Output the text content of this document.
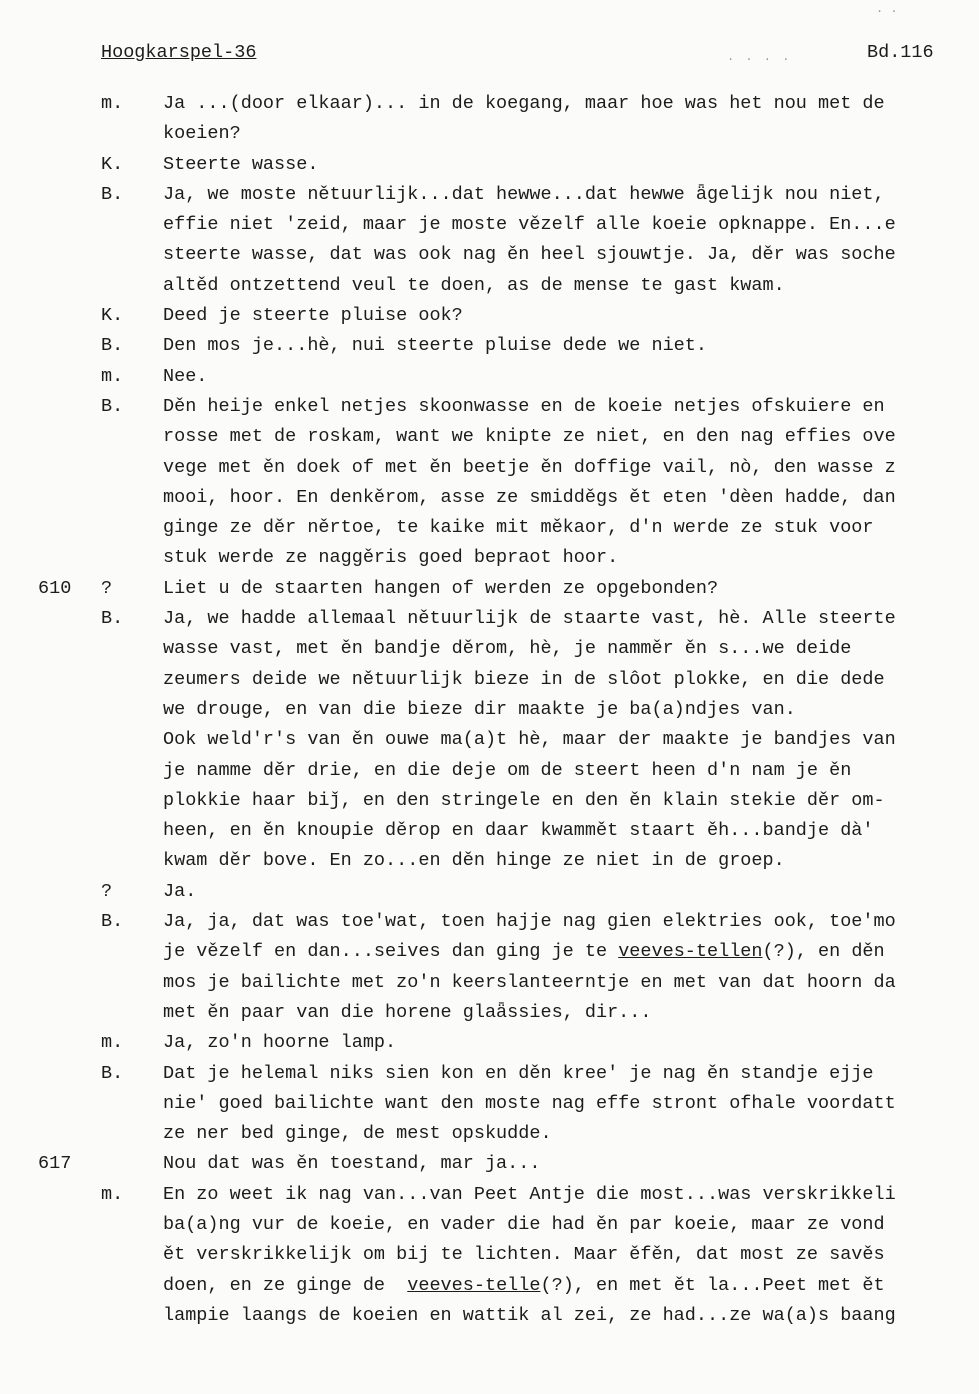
. .
Hoogkarspel-36	. . . .	Bd.116
m. Ja ...(door elkaar)... in de koegang, maar hoe was het nou met de
koeien?
K. Steerte wasse.
B. Ja, we moste nětuurlijk...dat hewwe...dat hewwe ǟgelijk nou niet,
effie niet 'zeid, maar je moste vězelf alle koeie opknappe. En...e
steerte wasse, dat was ook nag ěn heel sjouwtje. Ja, děr was soche
altěd ontzettend veul te doen, as de mense te gast kwam.
K. Deed je steerte pluise ook?
B. Den mos je...hè, nui steerte pluise dede we niet.
m. Nee.
B. Děn heije enkel netjes skoonwasse en de koeie netjes ofskuiere en
rosse met de roskam, want we knipte ze niet, en den nag effies ove
vege met ěn doek of met ěn beetje ěn doffige vail, nò, den wasse z
mooi, hoor. En denkěrom, asse ze smidděgs ět eten 'dèen hadde, dan
ginge ze děr něrtoe, te kaike mit měkaor, d'n werde ze stuk voor
stuk werde ze naggěris goed bepraot hoor.
610 ?	Liet u de staarten hangen of werden ze opgebonden?
B. Ja, we hadde allemaal nětuurlijk de staarte vast, hè. Alle steerte
wasse vast, met ěn bandje děrom, hè, je namměr ěn s...we deide
zeumers deide we nětuurlijk bieze in de slôot plokke, en die dede
we drouge, en van die bieze dir maakte je ba(a)ndjes van.
Ook weld'r's van ěn ouwe ma(a)t hè, maar der maakte je bandjes van
je namme děr drie, en die deje om de steert heen d'n nam je ěn
plokkie haar biǰ, en den stringele en den ěn klain stekie děr om-
heen, en ěn knoupie děrop en daar kwammět staart ěh...bandje dà'
kwam děr bove. En zo...en děn hinge ze niet in de groep.
?	Ja.
B. Ja, ja, dat was toe'wat, toen hajje nag gien elektries ook, toe'mo
je vězelf en dan...seives dan ging je te veeves-tellen(?), en děn
mos je bailichte met zo'n keerslanteerntje en met van dat hoorn da
met ěn paar van die horene glaǟssies, dir...
m. Ja, zo'n hoorne lamp.
B. Dat je helemal niks sien kon en děn kree' je nag ěn standje ejje
nie' goed bailichte want den moste nag effe stront ofhale voordatt
ze ner bed ginge, de mest opskudde.
617	Nou dat was ěn toestand, mar ja...
m. En zo weet ik nag van...van Peet Antje die most...was verskrikkeli
ba(a)ng vur de koeie, en vader die had ěn par koeie, maar ze vond
ět verskrikkelijk om bij te lichten. Maar ěfěn, dat most ze savěs
doen, en ze ginge de  veeves-telle(?), en met ět la...Peet met ět
lampie laangs de koeien en wattik al zei, ze had...ze wa(a)s baang
